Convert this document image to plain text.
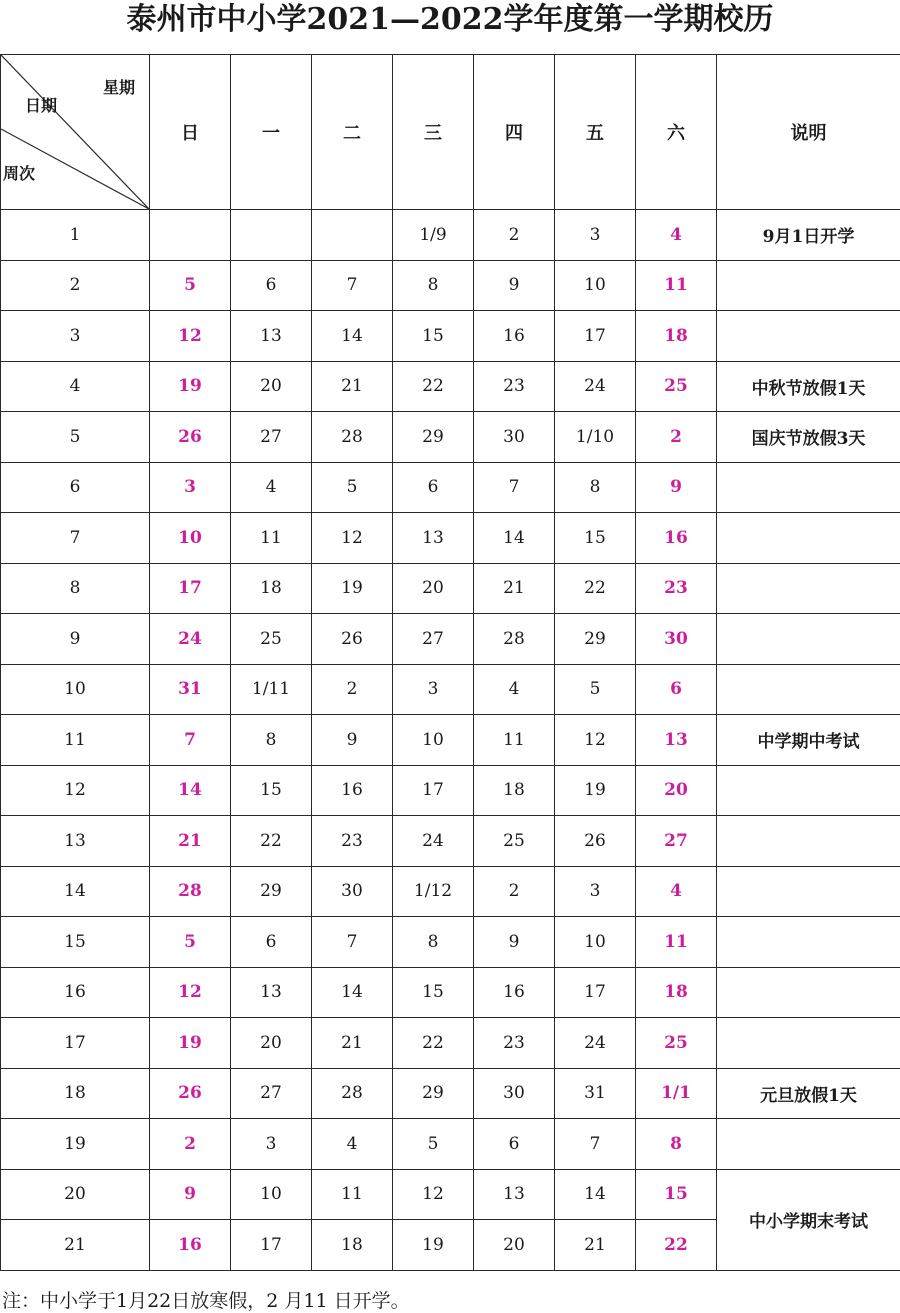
泰州市中小学2021—2022学年度第一学期校历
星期
日期
周次	日	一	二	三	四	五	六	说明
1				1/9	2	3	4	9月1日开学
2	5	6	7	8	9	10	11	
3	12	13	14	15	16	17	18	
4	19	20	21	22	23	24	25	中秋节放假1天
5	26	27	28	29	30	1/10	2	国庆节放假3天
6	3	4	5	6	7	8	9	
7	10	11	12	13	14	15	16	
8	17	18	19	20	21	22	23	
9	24	25	26	27	28	29	30	
10	31	1/11	2	3	4	5	6	
11	7	8	9	10	11	12	13	中学期中考试
12	14	15	16	17	18	19	20	
13	21	22	23	24	25	26	27	
14	28	29	30	1/12	2	3	4	
15	5	6	7	8	9	10	11	
16	12	13	14	15	16	17	18	
17	19	20	21	22	23	24	25	
18	26	27	28	29	30	31	1/1	元旦放假1天
19	2	3	4	5	6	7	8	
20	9	10	11	12	13	14	15	中小学期末考试
21	16	17	18	19	20	21	22	

注：中小学于1月22日放寒假，2 月11 日开学。
